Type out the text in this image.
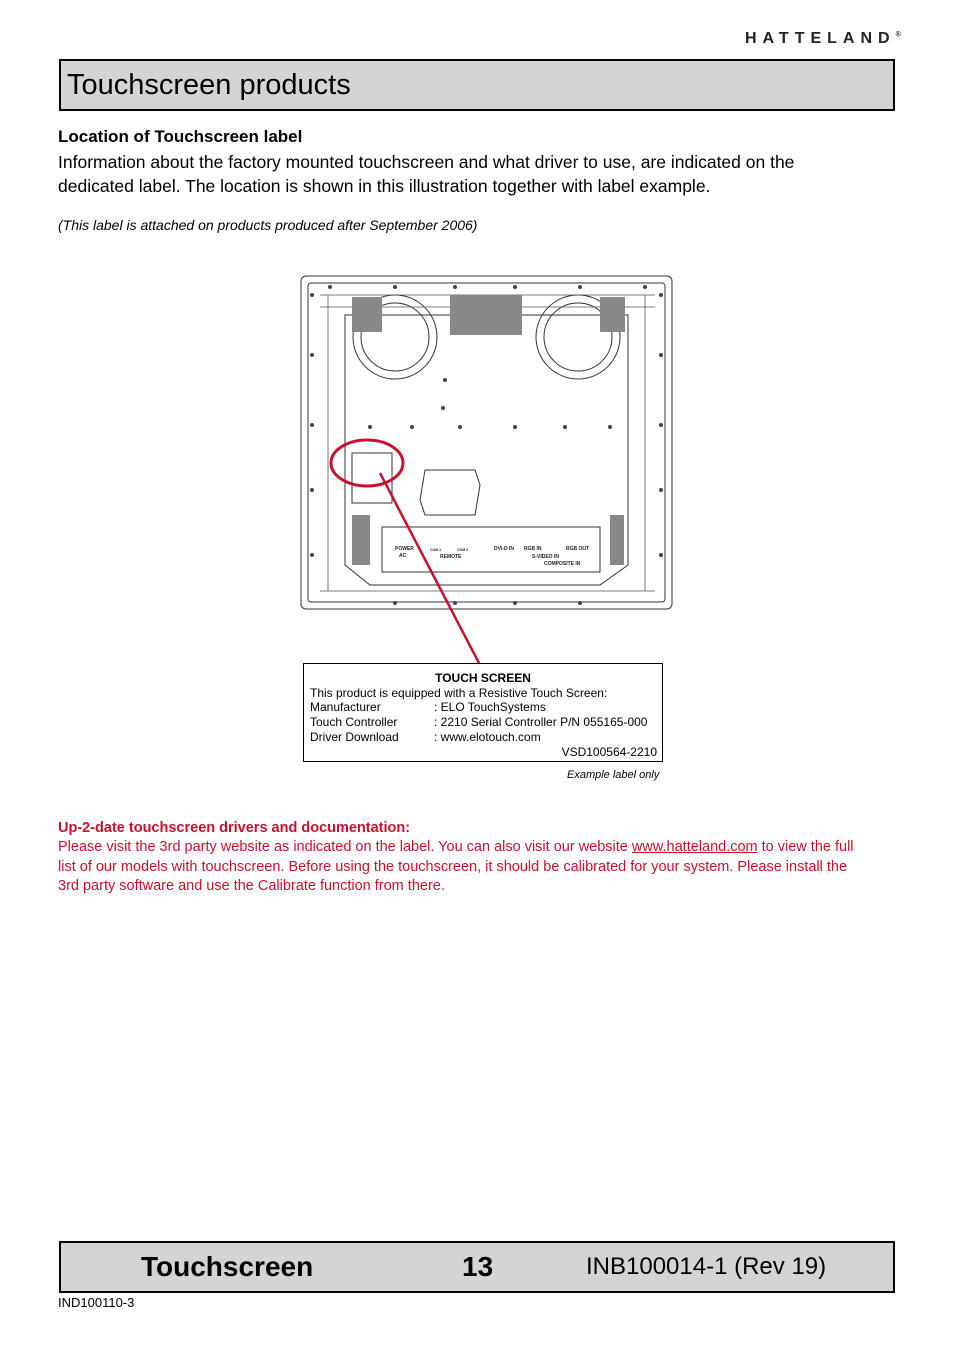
HATTELAND®
Touchscreen products
Location of Touchscreen label
Information about the factory mounted touchscreen and what driver to use, are indicated on the dedicated label. The location is shown in this illustration together with label example.
(This label is attached on products produced after September 2006)
POWER
AC
COM 1	COM 2
REMOTE
DVI-D IN RGB IN
S-VIDEO IN
RGB OUT
COMPOSITE IN
TOUCH SCREEN
This product is equipped with a Resistive Touch Screen:
Manufacturer	: ELO TouchSystems
Touch Controller	: 2210 Serial Controller P/N 055165-000
Driver Download	: www.elotouch.com
VSD100564-2210
Example label only
Up-2-date touchscreen drivers and documentation:
Please visit the 3rd party website as indicated on the label. You can also visit our website www.hatteland.com to view the full list of our models with touchscreen. Before using the touchscreen, it should be calibrated for your system. Please install the 3rd party software and use the Calibrate function from there.
Touchscreen	13	INB100014-1 (Rev 19)
IND100110-3
